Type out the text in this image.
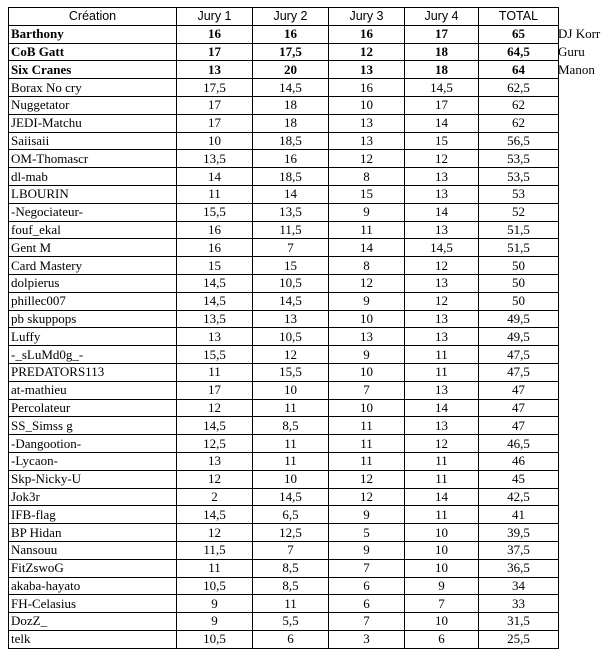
Création	Jury 1	Jury 2	Jury 3	Jury 4	TOTAL
Barthony	16	16	16	17	65
CoB Gatt	17	17,5	12	18	64,5
Six Cranes	13	20	13	18	64
Borax No cry	17,5	14,5	16	14,5	62,5
Nuggetator	17	18	10	17	62
JEDI-Matchu	17	18	13	14	62
Saiisaii	10	18,5	13	15	56,5
OM-Thomascr	13,5	16	12	12	53,5
dl-mab	14	18,5	8	13	53,5
LBOURIN	11	14	15	13	53
-Negociateur-	15,5	13,5	9	14	52
fouf_ekal	16	11,5	11	13	51,5
Gent M	16	7	14	14,5	51,5
Card Mastery	15	15	8	12	50
dolpierus	14,5	10,5	12	13	50
phillec007	14,5	14,5	9	12	50
pb skuppops	13,5	13	10	13	49,5
Luffy	13	10,5	13	13	49,5
-_sLuMd0g_-	15,5	12	9	11	47,5
PREDATORS113	11	15,5	10	11	47,5
at-mathieu	17	10	7	13	47
Percolateur	12	11	10	14	47
SS_Simss g	14,5	8,5	11	13	47
-Dangootion-	12,5	11	11	12	46,5
-Lycaon-	13	11	11	11	46
Skp-Nicky-U	12	10	12	11	45
Jok3r	2	14,5	12	14	42,5
IFB-flag	14,5	6,5	9	11	41
BP Hidan	12	12,5	5	10	39,5
Nansouu	11,5	7	9	10	37,5
FitZswoG	11	8,5	7	10	36,5
akaba-hayato	10,5	8,5	6	9	34
FH-Celasius	9	11	6	7	33
DozZ_	9	5,5	7	10	31,5
telk	10,5	6	3	6	25,5
DJ Korr
Guru
Manon
